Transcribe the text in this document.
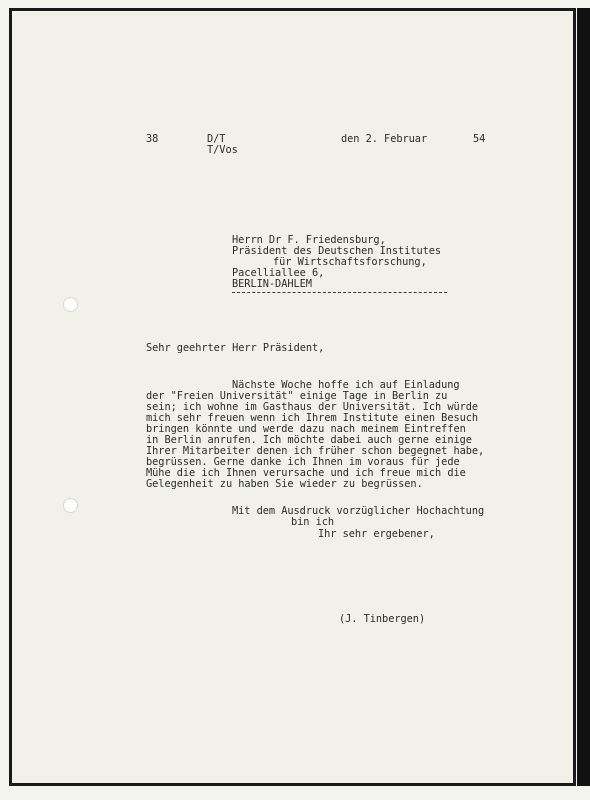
38	D/T
T/Vos
den 2. Februar	54
Herrn Dr F. Friedensburg,
Präsident des Deutschen Institutes
für Wirtschaftsforschung,
Pacelliallee 6,
BERLIN-DAHLEM
Sehr geehrter Herr Präsident,
Nächste Woche hoffe ich auf Einladung
der "Freien Universität" einige Tage in Berlin zu
sein; ich wohne im Gasthaus der Universität. Ich würde
mich sehr freuen wenn ich Ihrem Institute einen Besuch
bringen könnte und werde dazu nach meinem Eintreffen
in Berlin anrufen. Ich möchte dabei auch gerne einige
Ihrer Mitarbeiter denen ich früher schon begegnet habe,
begrüssen. Gerne danke ich Ihnen im voraus für jede
Mühe die ich Ihnen verursache und ich freue mich die
Gelegenheit zu haben Sie wieder zu begrüssen.
Mit dem Ausdruck vorzüglicher Hochachtung
bin ich
Ihr sehr ergebener,
(J. Tinbergen)
